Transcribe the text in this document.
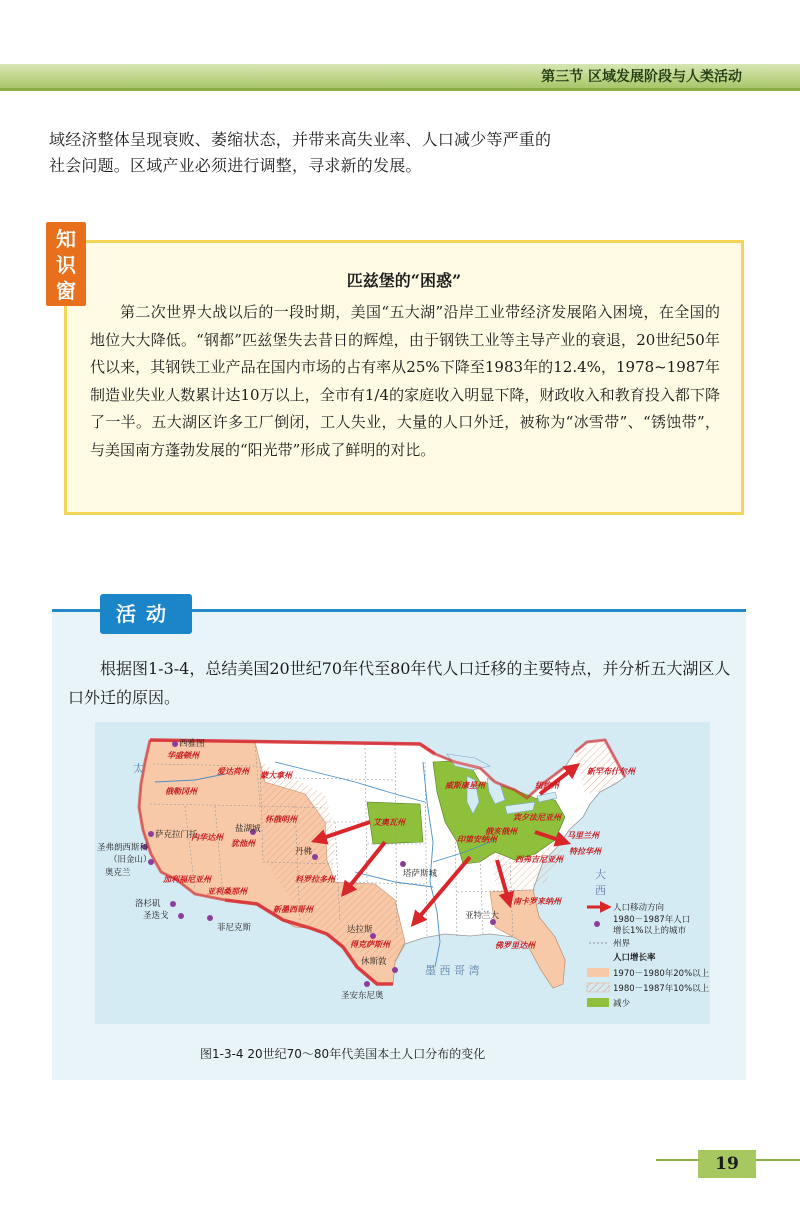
第三节 区域发展阶段与人类活动

域经济整体呈现衰败、萎缩状态，并带来高失业率、人口减少等严重的

社会问题。区域产业必须进行调整，寻求新的发展。

知
识
窗	匹兹堡的“困惑”
第二次世界大战以后的一段时期，美国“五大湖”沿岸工业带经济发展陷入困境，在全国的地位大大降低。“钢都”匹兹堡失去昔日的辉煌，由于钢铁工业等主导产业的衰退，20世纪50年代以来，其钢铁工业产品在国内市场的占有率从25%下降至1983年的12.4%，1978~1987年制造业失业人数累计达10万以上，全市有1/4的家庭收入明显下降，财政收入和教育投入都下降了一半。五大湖区许多工厂倒闭，工人失业，大量的人口外迁，被称为“冰雪带”、“锈蚀带”，与美国南方蓬勃发展的“阳光带”形成了鲜明的对比。
活动
根据图1-3-4，总结美国20世纪70年代至80年代人口迁移的主要特点，并分析五大湖区人口外迁的原因。
西雅图
盐湖城
萨克拉门托
圣弗朗西斯科
（旧金山）
奥克兰
洛杉矶
圣迭戈
菲尼克斯
丹佛
塔萨斯城
达拉斯
休斯敦
圣安东尼奥
亚特兰大
华盛顿州
俄勒冈州
爱达荷州 蒙大拿州
加利福尼亚州
内华达州
犹他州
怀俄明州
科罗拉多州
亚利桑那州
新墨西哥州
得克萨斯州
艾奥瓦州
威斯康星州
印第安纳州
俄亥俄州
宾夕法尼亚州
纽约州
新罕布什尔州
马里兰州
特拉华州
西弗吉尼亚州
南卡罗来纳州
佛罗里达州
太
大
西
墨 西 哥 湾
人口移动方向
1980－1987年人口
增长1%以上的城市
州界
人口增长率
1970－1980年20%以上
1980－1987年10%以上
减少
图1-3-4 20世纪70～80年代美国本土人口分布的变化
19
